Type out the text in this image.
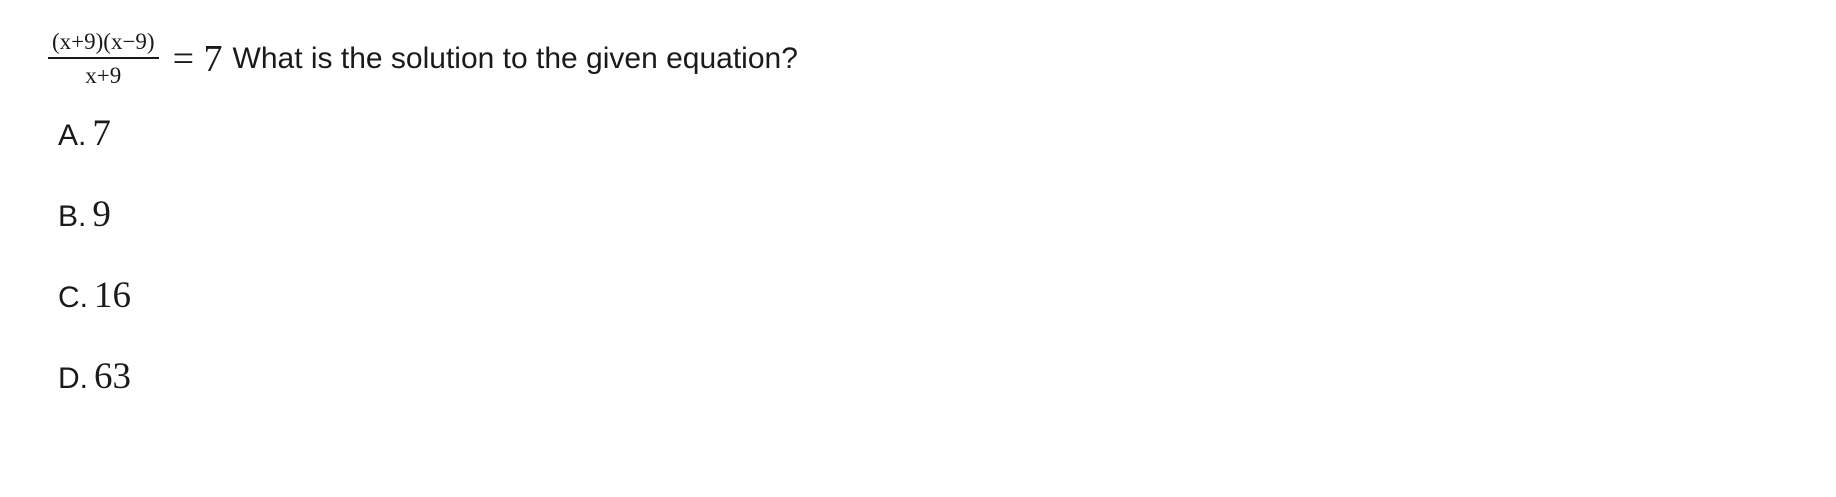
$\frac{(x+9)(x-9)}{x+9} = 7$ What is the solution to the given equation?
A. 7
B. 9
C. 16
D. 63
